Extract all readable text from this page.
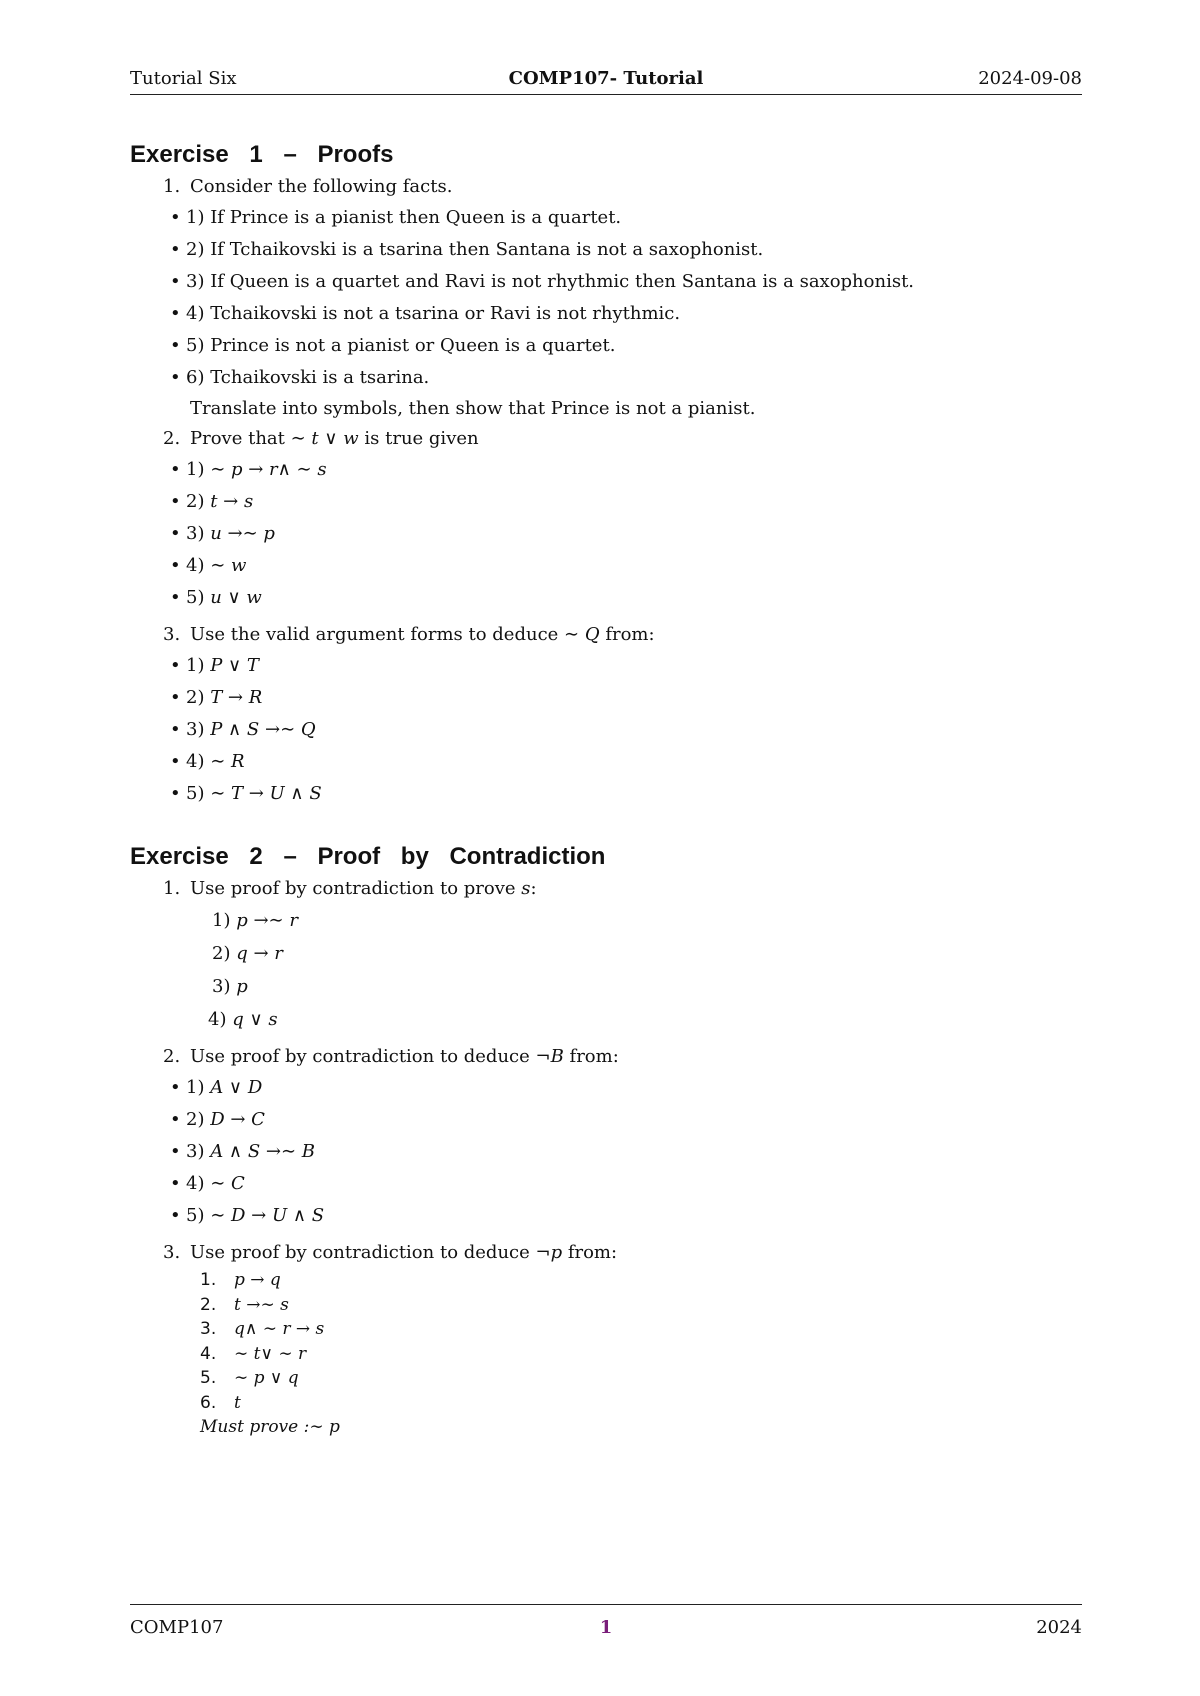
Tutorial Six	COMP107- Tutorial	2024-09-08
Exercise 1 – Proofs
1. Consider the following facts.
• 1) If Prince is a pianist then Queen is a quartet.
• 2) If Tchaikovski is a tsarina then Santana is not a saxophonist.
• 3) If Queen is a quartet and Ravi is not rhythmic then Santana is a saxophonist.
• 4) Tchaikovski is not a tsarina or Ravi is not rhythmic.
• 5) Prince is not a pianist or Queen is a quartet.
• 6) Tchaikovski is a tsarina.
Translate into symbols, then show that Prince is not a pianist.
2. Prove that ∼ t ∨ w is true given
• 1) ∼ p → r∧ ∼ s
• 2) t → s
• 3) u →∼ p
• 4) ∼ w
• 5) u ∨ w
3. Use the valid argument forms to deduce ∼ Q from:
• 1) P ∨ T
• 2) T → R
• 3) P ∧ S →∼ Q
• 4) ∼ R
• 5) ∼ T → U ∧ S
Exercise 2 – Proof by Contradiction
1. Use proof by contradiction to prove s:
1) p →∼ r
2) q → r
3) p
4) q ∨ s
2. Use proof by contradiction to deduce ¬B from:
• 1) A ∨ D
• 2) D → C
• 3) A ∧ S →∼ B
• 4) ∼ C
• 5) ∼ D → U ∧ S
3. Use proof by contradiction to deduce ¬p from:
1. p → q
2. t →∼ s
3. q∧ ∼ r → s
4. ∼ t∨ ∼ r
5. ∼ p ∨ q
6. t
Must prove :∼ p
COMP107	1	2024
